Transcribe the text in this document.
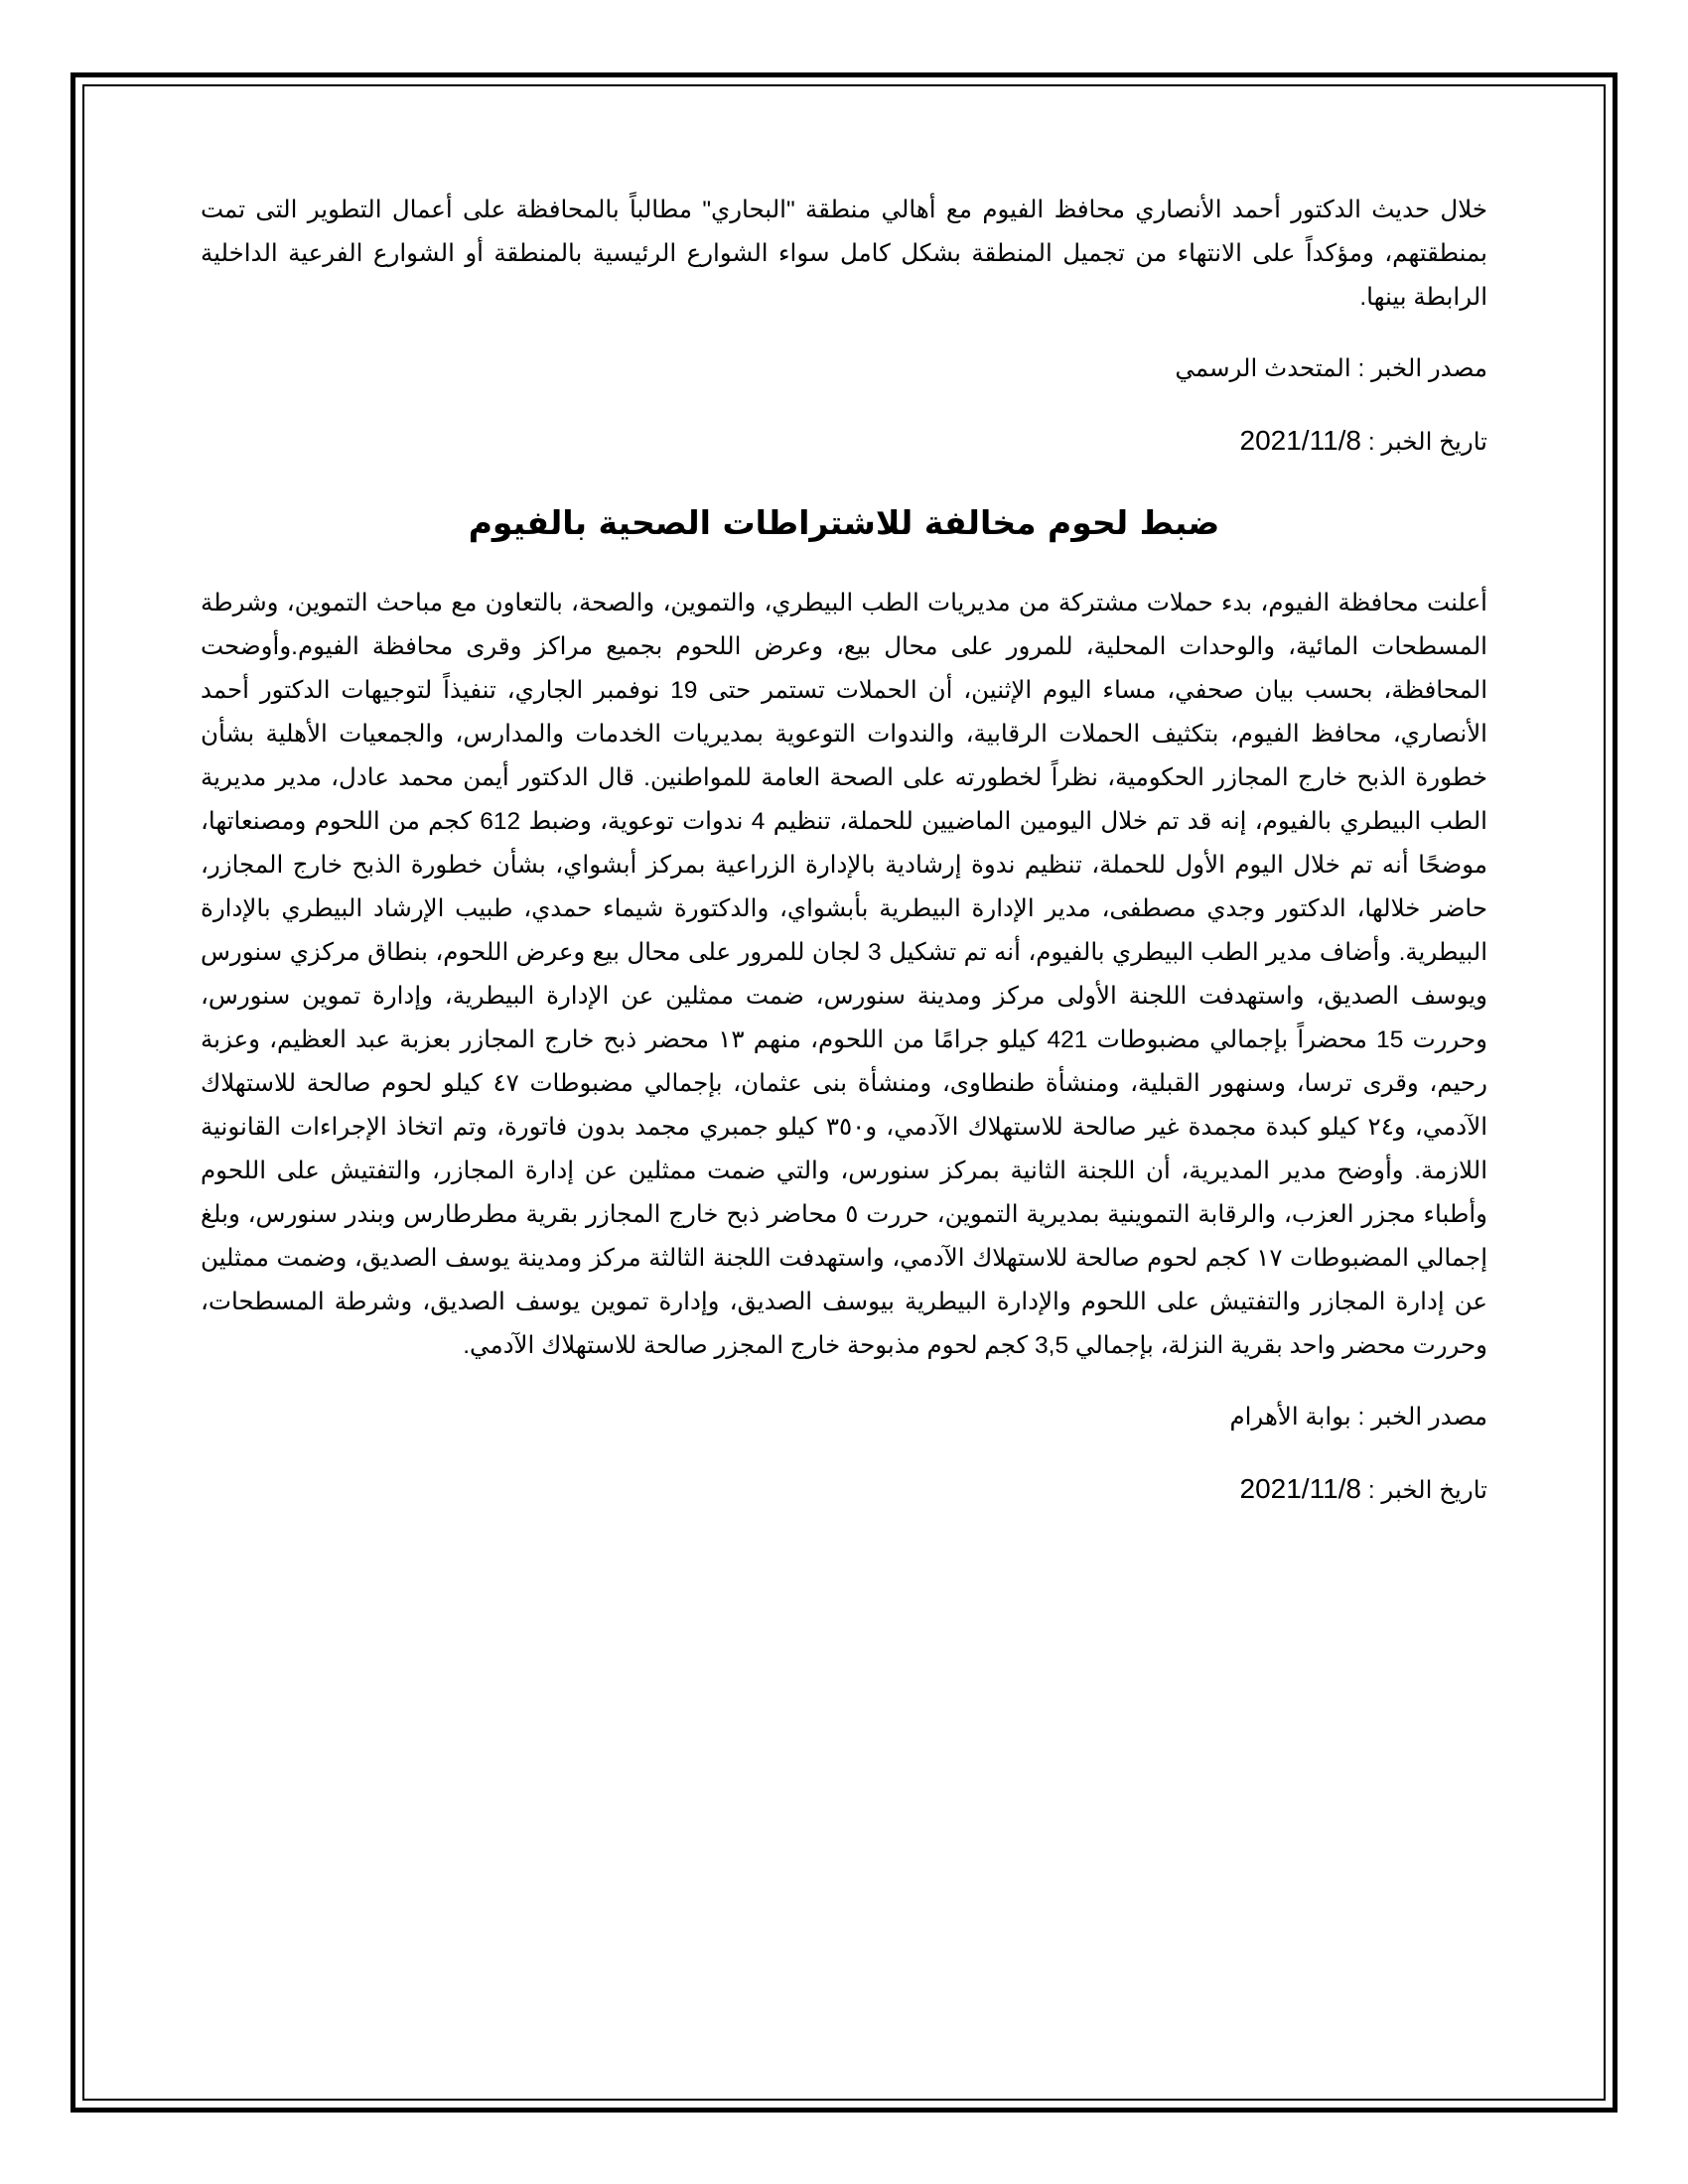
خلال حديث الدكتور أحمد الأنصاري محافظ الفيوم مع أهالي منطقة "البحاري" مطالباً بالمحافظة على أعمال التطوير التى تمت بمنطقتهم، ومؤكداً على الانتهاء من تجميل المنطقة بشكل كامل سواء الشوارع الرئيسية بالمنطقة أو الشوارع الفرعية الداخلية الرابطة بينها.

مصدر الخبر : المتحدث الرسمي

تاريخ الخبر : 2021/11/8

ضبط لحوم مخالفة للاشتراطات الصحية بالفيوم

أعلنت محافظة الفيوم، بدء حملات مشتركة من مديريات الطب البيطري، والتموين، والصحة، بالتعاون مع مباحث التموين، وشرطة المسطحات المائية، والوحدات المحلية، للمرور على محال بيع، وعرض اللحوم بجميع مراكز وقرى محافظة الفيوم.وأوضحت المحافظة، بحسب بيان صحفي، مساء اليوم الإثنين، أن الحملات تستمر حتى 19 نوفمبر الجاري، تنفيذاً لتوجيهات الدكتور أحمد الأنصاري، محافظ الفيوم، بتكثيف الحملات الرقابية، والندوات التوعوية بمديريات الخدمات والمدارس، والجمعيات الأهلية بشأن خطورة الذبح خارج المجازر الحكومية، نظراً لخطورته على الصحة العامة للمواطنين. قال الدكتور أيمن محمد عادل، مدير مديرية الطب البيطري بالفيوم، إنه قد تم خلال اليومين الماضيين للحملة، تنظيم 4 ندوات توعوية، وضبط 612 كجم من اللحوم ومصنعاتها، موضحًا أنه تم خلال اليوم الأول للحملة، تنظيم ندوة إرشادية بالإدارة الزراعية بمركز أبشواي، بشأن خطورة الذبح خارج المجازر، حاضر خلالها، الدكتور وجدي مصطفى، مدير الإدارة البيطرية بأبشواي، والدكتورة شيماء حمدي، طبيب الإرشاد البيطري بالإدارة البيطرية. وأضاف مدير الطب البيطري بالفيوم، أنه تم تشكيل 3 لجان للمرور على محال بيع وعرض اللحوم، بنطاق مركزي سنورس ويوسف الصديق، واستهدفت اللجنة الأولى مركز ومدينة سنورس، ضمت ممثلين عن الإدارة البيطرية، وإدارة تموين سنورس، وحررت 15 محضراً بإجمالي مضبوطات 421 كيلو جرامًا من اللحوم، منهم ١٣ محضر ذبح خارج المجازر بعزبة عبد العظيم، وعزبة رحيم، وقرى ترسا، وسنهور القبلية، ومنشأة طنطاوى، ومنشأة بنى عثمان، بإجمالي مضبوطات ٤٧ كيلو لحوم صالحة للاستهلاك الآدمي، و٢٤ كيلو كبدة مجمدة غير صالحة للاستهلاك الآدمي، و٣٥٠ كيلو جمبري مجمد بدون فاتورة، وتم اتخاذ الإجراءات القانونية اللازمة. وأوضح مدير المديرية، أن اللجنة الثانية بمركز سنورس، والتي ضمت ممثلين عن إدارة المجازر، والتفتيش على اللحوم وأطباء مجزر العزب، والرقابة التموينية بمديرية التموين، حررت ٥ محاضر ذبح خارج المجازر بقرية مطرطارس وبندر سنورس، وبلغ إجمالي المضبوطات ١٧ كجم لحوم صالحة للاستهلاك الآدمي، واستهدفت اللجنة الثالثة مركز ومدينة يوسف الصديق، وضمت ممثلين عن إدارة المجازر والتفتيش على اللحوم والإدارة البيطرية بيوسف الصديق، وإدارة تموين يوسف الصديق، وشرطة المسطحات، وحررت محضر واحد بقرية النزلة، بإجمالي 3,5 كجم لحوم مذبوحة خارج المجزر صالحة للاستهلاك الآدمي.

مصدر الخبر : بوابة الأهرام

تاريخ الخبر : 2021/11/8
